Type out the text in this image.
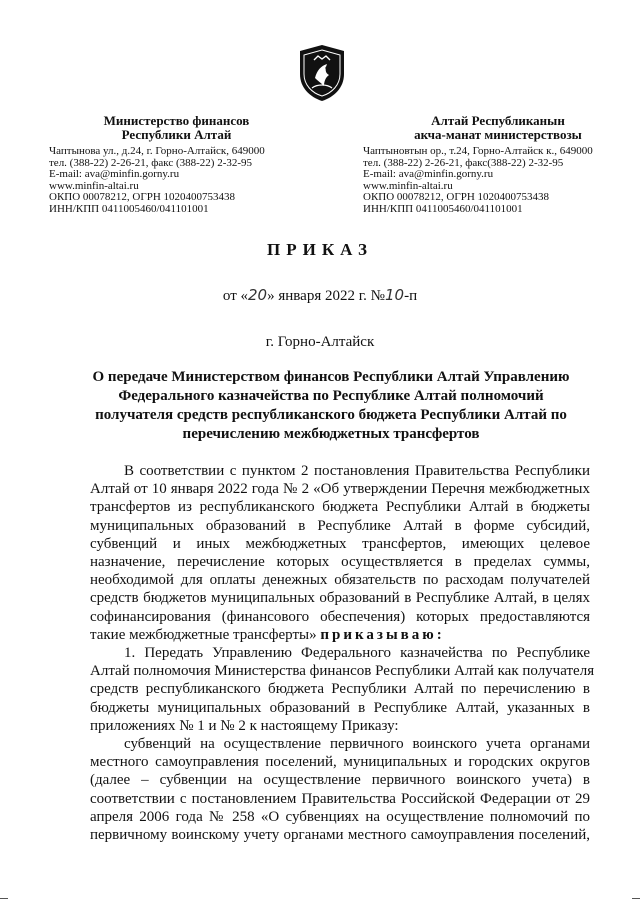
Министерство финансов
Республики Алтай
Чаптынова ул., д.24, г. Горно-Алтайск, 649000
тел. (388-22) 2-26-21, факс (388-22) 2-32-95
E-mail: ava@minfin.gorny.ru
www.minfin-altai.ru
ОКПО 00078212, ОГРН 1020400753438
ИНН/КПП 0411005460/041101001
Алтай Республиканын
акча-манат министерствозы
Чаптыновтын ор., т.24, Горно-Алтайск к., 649000
тел. (388-22) 2-26-21, факс(388-22) 2-32-95
E-mail: ava@minfin.gorny.ru
www.minfin-altai.ru
ОКПО 00078212, ОГРН 1020400753438
ИНН/КПП 0411005460/041101001
ПРИКАЗ
от «20» января 2022 г. №10-п
г. Горно-Алтайск
О передаче Министерством финансов Республики Алтай Управлению Федерального казначейства по Республике Алтай полномочий получателя средств республиканского бюджета Республики Алтай по перечислению межбюджетных трансфертов
В соответствии с пунктом 2 постановления Правительства Республики
Алтай от 10 января 2022 года № 2 «Об утверждении Перечня межбюджетных
трансфертов из республиканского бюджета Республики Алтай в бюджеты
муниципальных образований в Республике Алтай в форме субсидий,
субвенций и иных межбюджетных трансфертов, имеющих целевое
назначение, перечисление которых осуществляется в пределах суммы,
необходимой для оплаты денежных обязательств по расходам получателей
средств бюджетов муниципальных образований в Республике Алтай, в целях
софинансирования (финансового обеспечения) которых предоставляются
такие межбюджетные трансферты» приказываю:
1. Передать Управлению Федерального казначейства по Республике
Алтай полномочия Министерства финансов Республики Алтай как получателя
средств республиканского бюджета Республики Алтай по перечислению в
бюджеты муниципальных образований в Республике Алтай, указанных в
приложениях № 1 и № 2 к настоящему Приказу:
субвенций на осуществление первичного воинского учета органами
местного самоуправления поселений, муниципальных и городских округов
(далее – субвенции на осуществление первичного воинского учета) в
соответствии с постановлением Правительства Российской Федерации от 29
апреля 2006 года № 258 «О субвенциях на осуществление полномочий по
первичному воинскому учету органами местного самоуправления поселений,
